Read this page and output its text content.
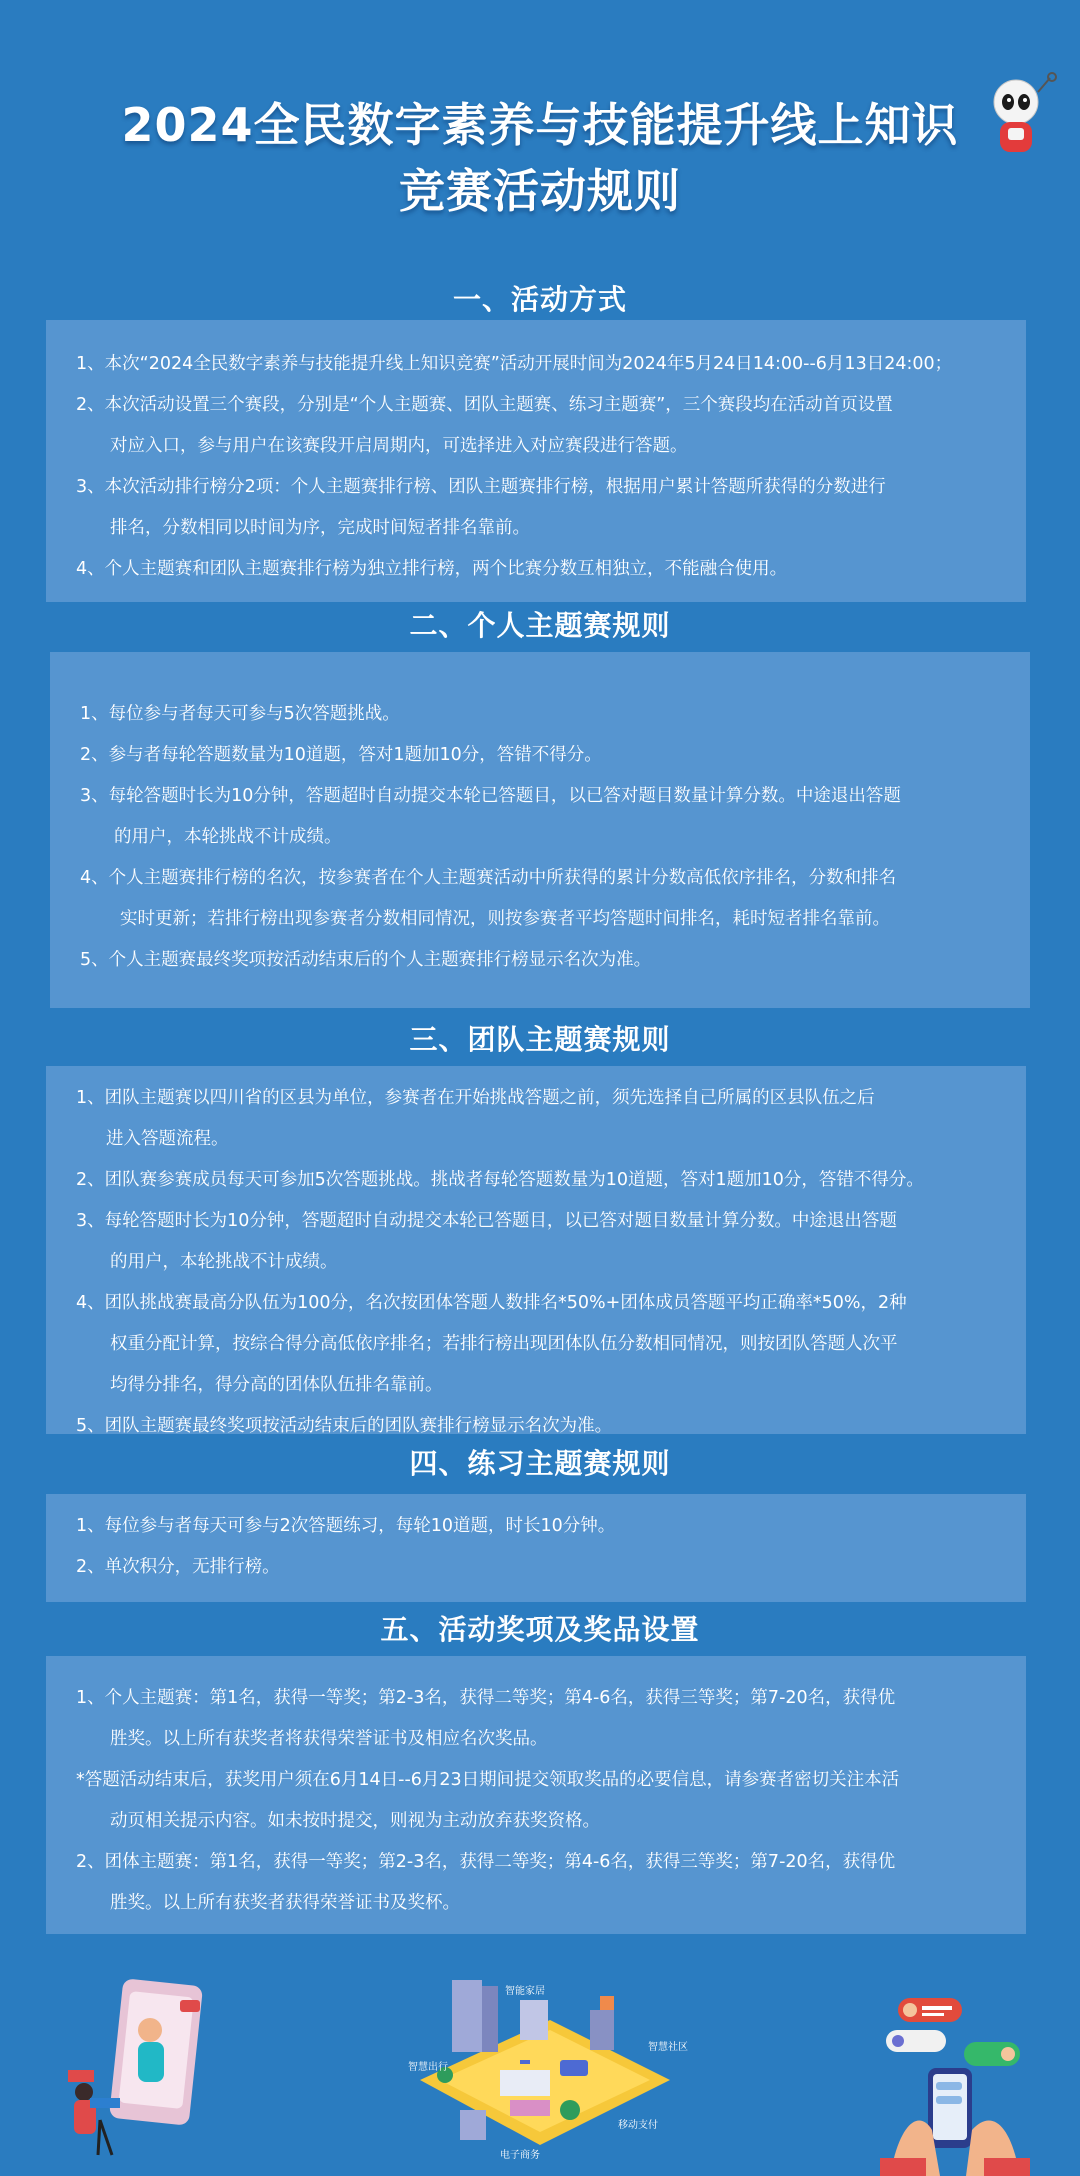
2024全民数字素养与技能提升线上知识
竞赛活动规则
一、活动方式
1、本次“2024全民数字素养与技能提升线上知识竞赛”活动开展时间为2024年5月24日14:00--6月13日24:00；
2、本次活动设置三个赛段，分别是“个人主题赛、团队主题赛、练习主题赛”，三个赛段均在活动首页设置
对应入口，参与用户在该赛段开启周期内，可选择进入对应赛段进行答题。
3、本次活动排行榜分2项：个人主题赛排行榜、团队主题赛排行榜，根据用户累计答题所获得的分数进行
排名，分数相同以时间为序，完成时间短者排名靠前。
4、个人主题赛和团队主题赛排行榜为独立排行榜，两个比赛分数互相独立，不能融合使用。
二、个人主题赛规则
1、每位参与者每天可参与5次答题挑战。
2、参与者每轮答题数量为10道题，答对1题加10分，答错不得分。
3、每轮答题时长为10分钟，答题超时自动提交本轮已答题目，以已答对题目数量计算分数。中途退出答题
的用户，本轮挑战不计成绩。
4、个人主题赛排行榜的名次，按参赛者在个人主题赛活动中所获得的累计分数高低依序排名，分数和排名
实时更新；若排行榜出现参赛者分数相同情况，则按参赛者平均答题时间排名，耗时短者排名靠前。
5、个人主题赛最终奖项按活动结束后的个人主题赛排行榜显示名次为准。
三、团队主题赛规则
1、团队主题赛以四川省的区县为单位，参赛者在开始挑战答题之前，须先选择自己所属的区县队伍之后
进入答题流程。
2、团队赛参赛成员每天可参加5次答题挑战。挑战者每轮答题数量为10道题，答对1题加10分，答错不得分。
3、每轮答题时长为10分钟，答题超时自动提交本轮已答题目，以已答对题目数量计算分数。中途退出答题
的用户，本轮挑战不计成绩。
4、团队挑战赛最高分队伍为100分，名次按团体答题人数排名*50%+团体成员答题平均正确率*50%，2种
权重分配计算，按综合得分高低依序排名；若排行榜出现团体队伍分数相同情况，则按团队答题人次平
均得分排名，得分高的团体队伍排名靠前。
5、团队主题赛最终奖项按活动结束后的团队赛排行榜显示名次为准。
四、练习主题赛规则
1、每位参与者每天可参与2次答题练习，每轮10道题，时长10分钟。
2、单次积分，无排行榜。
五、活动奖项及奖品设置
1、个人主题赛：第1名，获得一等奖；第2-3名，获得二等奖；第4-6名，获得三等奖；第7-20名，获得优
胜奖。以上所有获奖者将获得荣誉证书及相应名次奖品。
*答题活动结束后，获奖用户须在6月14日--6月23日期间提交领取奖品的必要信息，请参赛者密切关注本活
动页相关提示内容。如未按时提交，则视为主动放弃获奖资格。
2、团体主题赛：第1名，获得一等奖；第2-3名，获得二等奖；第4-6名，获得三等奖；第7-20名，获得优
胜奖。以上所有获奖者获得荣誉证书及奖杯。
智能家居
智慧社区
智慧出行
移动支付
电子商务
